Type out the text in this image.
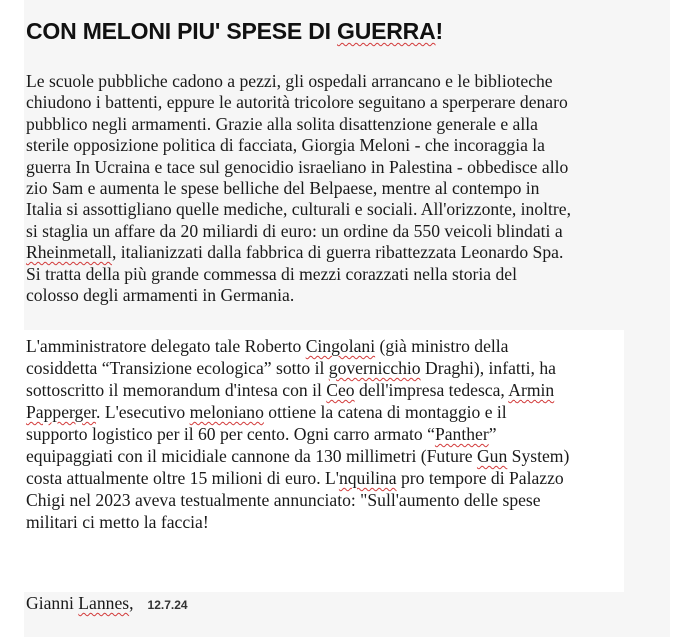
CON MELONI PIU' SPESE DI GUERRA!
Le scuole pubbliche cadono a pezzi, gli ospedali arrancano e le biblioteche
chiudono i battenti, eppure le autorità tricolore seguitano a sperperare denaro
pubblico negli armamenti. Grazie alla solita disattenzione generale e alla
sterile opposizione politica di facciata, Giorgia Meloni - che incoraggia la
guerra In Ucraina e tace sul genocidio israeliano in Palestina - obbedisce allo
zio Sam e aumenta le spese belliche del Belpaese, mentre al contempo in
Italia si assottigliano quelle mediche, culturali e sociali. All'orizzonte, inoltre,
si staglia un affare da 20 miliardi di euro: un ordine da 550 veicoli blindati a
Rheinmetall, italianizzati dalla fabbrica di guerra ribattezzata Leonardo Spa.
Si tratta della più grande commessa di mezzi corazzati nella storia del
colosso degli armamenti in Germania.
L'amministratore delegato tale Roberto Cingolani (già ministro della
cosiddetta “Transizione ecologica” sotto il governicchio Draghi), infatti, ha
sottoscritto il memorandum d'intesa con il Ceo dell'impresa tedesca, Armin
Papperger. L'esecutivo meloniano ottiene la catena di montaggio e il
supporto logistico per il 60 per cento. Ogni carro armato “Panther”
equipaggiati con il micidiale cannone da 130 millimetri (Future Gun System)
costa attualmente oltre 15 milioni di euro. L'nquilina pro tempore di Palazzo
Chigi nel 2023 aveva testualmente annunciato: "Sull'aumento delle spese
militari ci metto la faccia!
Gianni Lannes, 12.7.24
